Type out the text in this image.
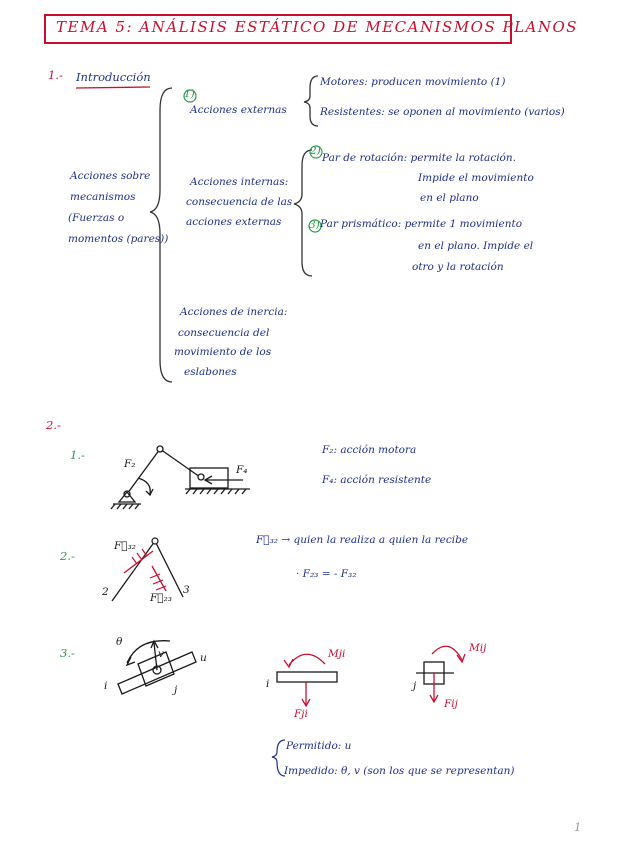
TEMA 5: ANÁLISIS ESTÁTICO DE MECANISMOS PLANOS
1.- Introducción
Acciones sobre
mecanismos
(Fuerzas o
momentos (pares))
1)
Acciones externas
Motores: producen movimiento (1)
Resistentes: se oponen al movimiento (varios)
Acciones internas:
consecuencia de las
acciones externas
2)
Par de rotación: permite la rotación.
Impide el movimiento
en el plano
3) Par prismático: permite 1 movimiento
en el plano. Impide el
otro y la rotación
Acciones de inercia:
consecuencia del
movimiento de los
eslabones
2.-
1.-
F₂	F₄
F₂: acción motora
F₄: acción resistente
2.-
F⃗₃₂
F⃗₂₃
2	3
F⃗₃₂ → quien la realiza a quien la recibe
· F₂₃ = - F₃₂
3.-
θ
v	u
i	j
Mji
Fji
i
Mij
Fij
j
Permitido: u
Impedido: θ, v (son los que se representan)
1
